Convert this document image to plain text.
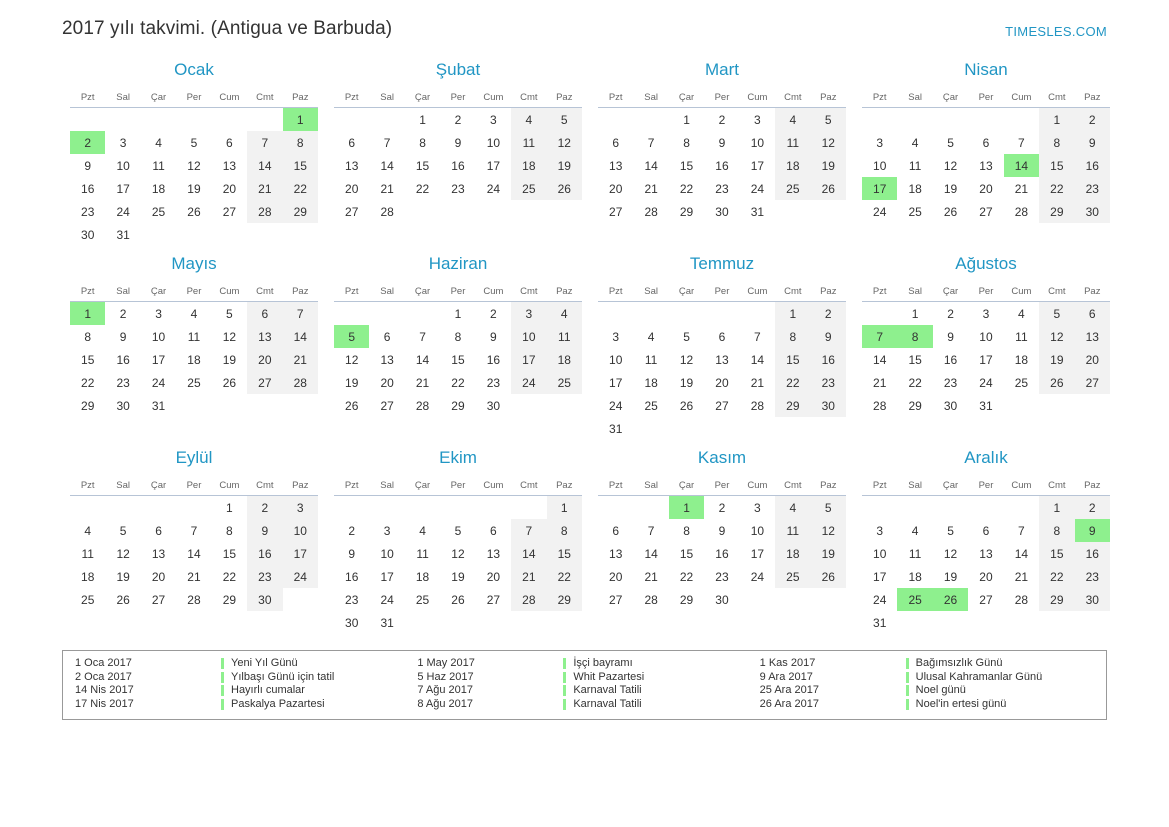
2017 yılı takvimi. (Antigua ve Barbuda)	TIMESLES.COM
Ocak
Pzt	Sal	Çar	Per	Cum	Cmt	Paz
						1
2	3	4	5	6	7	8
9	10	11	12	13	14	15
16	17	18	19	20	21	22
23	24	25	26	27	28	29
30	31					
Şubat
Pzt	Sal	Çar	Per	Cum	Cmt	Paz
		1	2	3	4	5
6	7	8	9	10	11	12
13	14	15	16	17	18	19
20	21	22	23	24	25	26
27	28					
Mart
Pzt	Sal	Çar	Per	Cum	Cmt	Paz
		1	2	3	4	5
6	7	8	9	10	11	12
13	14	15	16	17	18	19
20	21	22	23	24	25	26
27	28	29	30	31		
Nisan
Pzt	Sal	Çar	Per	Cum	Cmt	Paz
					1	2
3	4	5	6	7	8	9
10	11	12	13	14	15	16
17	18	19	20	21	22	23
24	25	26	27	28	29	30
Mayıs
Pzt	Sal	Çar	Per	Cum	Cmt	Paz
1	2	3	4	5	6	7
8	9	10	11	12	13	14
15	16	17	18	19	20	21
22	23	24	25	26	27	28
29	30	31				
Haziran
Pzt	Sal	Çar	Per	Cum	Cmt	Paz
			1	2	3	4
5	6	7	8	9	10	11
12	13	14	15	16	17	18
19	20	21	22	23	24	25
26	27	28	29	30		
Temmuz
Pzt	Sal	Çar	Per	Cum	Cmt	Paz
					1	2
3	4	5	6	7	8	9
10	11	12	13	14	15	16
17	18	19	20	21	22	23
24	25	26	27	28	29	30
31						
Ağustos
Pzt	Sal	Çar	Per	Cum	Cmt	Paz
	1	2	3	4	5	6
7	8	9	10	11	12	13
14	15	16	17	18	19	20
21	22	23	24	25	26	27
28	29	30	31			
Eylül
Pzt	Sal	Çar	Per	Cum	Cmt	Paz
				1	2	3
4	5	6	7	8	9	10
11	12	13	14	15	16	17
18	19	20	21	22	23	24
25	26	27	28	29	30	
Ekim
Pzt	Sal	Çar	Per	Cum	Cmt	Paz
						1
2	3	4	5	6	7	8
9	10	11	12	13	14	15
16	17	18	19	20	21	22
23	24	25	26	27	28	29
30	31					
Kasım
Pzt	Sal	Çar	Per	Cum	Cmt	Paz
		1	2	3	4	5
6	7	8	9	10	11	12
13	14	15	16	17	18	19
20	21	22	23	24	25	26
27	28	29	30			
Aralık
Pzt	Sal	Çar	Per	Cum	Cmt	Paz
					1	2
3	4	5	6	7	8	9
10	11	12	13	14	15	16
17	18	19	20	21	22	23
24	25	26	27	28	29	30
31						
1 Oca 2017	Yeni Yıl Günü
2 Oca 2017	Yılbaşı Günü için tatil
14 Nis 2017	Hayırlı cumalar
17 Nis 2017	Paskalya Pazartesi
1 May 2017	İşçi bayramı
5 Haz 2017	Whit Pazartesi
7 Ağu 2017	Karnaval Tatili
8 Ağu 2017	Karnaval Tatili
1 Kas 2017	Bağımsızlık Günü
9 Ara 2017	Ulusal Kahramanlar Günü
25 Ara 2017	Noel günü
26 Ara 2017	Noel'in ertesi günü
